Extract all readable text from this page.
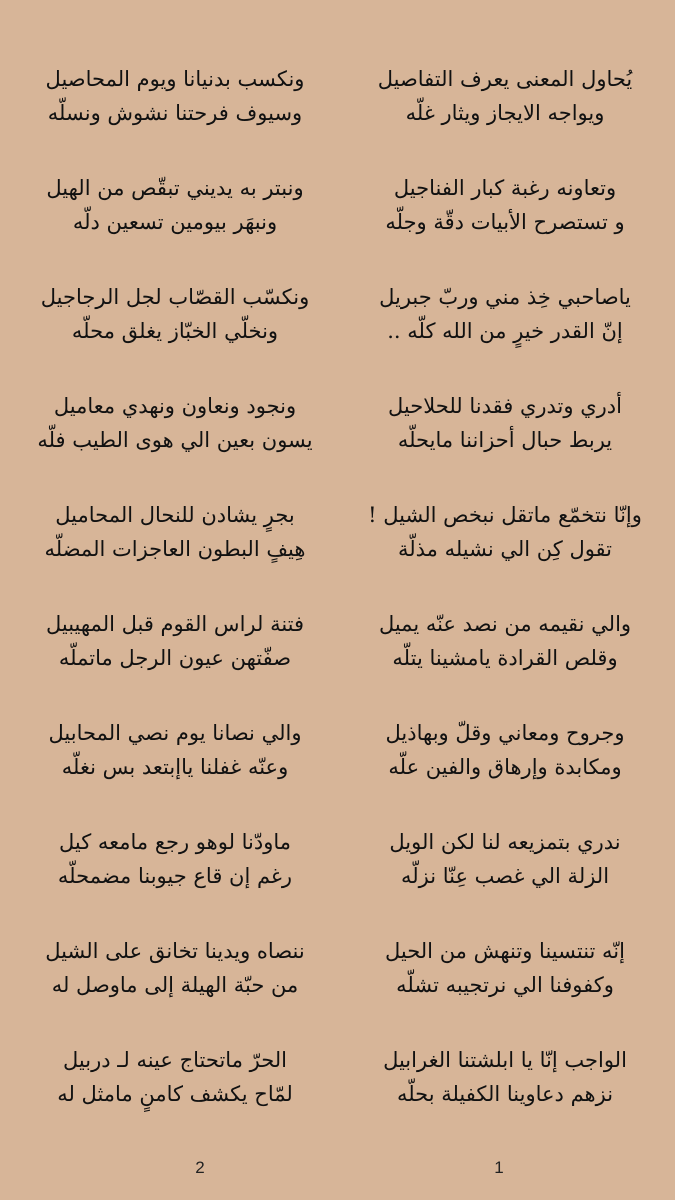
يُحاول المعنى يعرف التفاصيل
ويواجه الايجاز ويثار غلّه
وتعاونه رغبة كبار الفناجيل
و تستصرح الأبيات دقّة وجلّه
ياصاحبي خِذ مني وربّ جبريل
إنّ القدر خيرٍ من الله كلّه ..
أدري وتدري فقدنا للحلاحيل
يربط حبال أحزاننا مايحلّه
وإنّا نتخمّع ماتقل نبخص الشيل !
تقول كِن الي نشيله مذلّة
والي نقيمه من نصد عنّه يميل
وقلص القرادة يامشينا يتلّه
وجروح ومعاني وقلّ وبهاذيل
ومكابدة وإرهاق والفين علّه
ندري بتمزيعه لنا لكن الويل
الزلة الي غصب عِنّا نزلّه
إنّه تنتسينا وتنهش من الحيل
وكفوفنا الي نرتجيبه تشلّه
الواجب إنّا يا ابلشتنا الغرابيل
نزهم دعاوينا الكفيلة بحلّه
ونكسب بدنيانا ويوم المحاصيل
وسيوف فرحتنا نشوش ونسلّه
ونبتر به يديني تبقّص من الهيل
ونبهَر بيومين تسعين دلّه
ونكسّب القصّاب لجل الرجاجيل
ونخلّي الخبّاز يغلق محلّه
ونجود ونعاون ونهدي معاميل
يسون بعين الي هوى الطيب فلّه
بجرٍ يشادن للنحال المحاميل
هِيفٍ البطون العاجزات المضلّه
فتنة لراس القوم قبل المهيبيل
صفّتهن عيون الرجل ماتملّه
والي نصانا يوم نصي المحابيل
وعنّه غفلنا ياإبتعد بس نغلّه
ماودّنا لوهو رجع مامعه كيل
رغم إن قاع جيوبنا مضمحلّه
ننصاه ويدينا تخانق على الشيل
من حبّة الهيلة إلى ماوصل له
الحرّ ماتحتاج عينه لـ دربيل
لمّاح يكشف كامنٍ مامثل له
1
2
